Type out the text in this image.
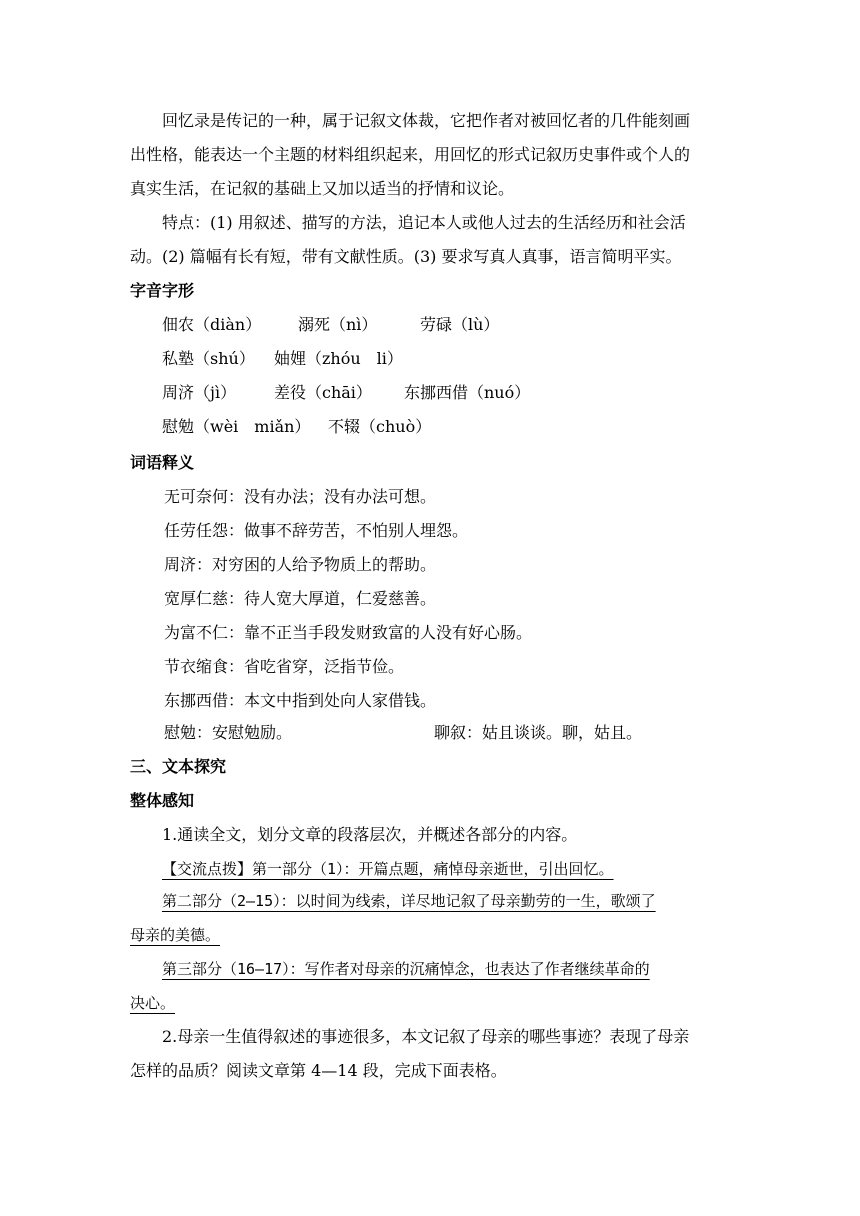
回忆录是传记的一种，属于记叙文体裁，它把作者对被回忆者的几件能刻画
出性格，能表达一个主题的材料组织起来，用回忆的形式记叙历史事件或个人的
真实生活，在记叙的基础上又加以适当的抒情和议论。
特点：(1) 用叙述、描写的方法，追记本人或他人过去的生活经历和社会活
动。(2) 篇幅有长有短，带有文献性质。(3) 要求写真人真事，语言简明平实。
字音字形
佃农（diàn） 溺死（nì）	劳碌（lù）
私塾（shú） 妯娌（zhóu　li）
周济（jì） 差役（chāi） 东挪西借（nuó）
慰勉（wèi　miǎn） 不辍（chuò）
词语释义
无可奈何：没有办法；没有办法可想。
任劳任怨：做事不辞劳苦，不怕别人埋怨。
周济：对穷困的人给予物质上的帮助。
宽厚仁慈：待人宽大厚道，仁爱慈善。
为富不仁：靠不正当手段发财致富的人没有好心肠。
节衣缩食：省吃省穿，泛指节俭。
东挪西借：本文中指到处向人家借钱。
慰勉：安慰勉励。	聊叙：姑且谈谈。聊，姑且。
三、文本探究
整体感知
1.通读全文，划分文章的段落层次，并概述各部分的内容。
【交流点拨】第一部分（1）：开篇点题，痛悼母亲逝世，引出回忆。
第二部分（2—15）：以时间为线索，详尽地记叙了母亲勤劳的一生，歌颂了
母亲的美德。
第三部分（16—17）：写作者对母亲的沉痛悼念，也表达了作者继续革命的
决心。
2.母亲一生值得叙述的事迹很多，本文记叙了母亲的哪些事迹？表现了母亲
怎样的品质？阅读文章第 4—14 段，完成下面表格。
